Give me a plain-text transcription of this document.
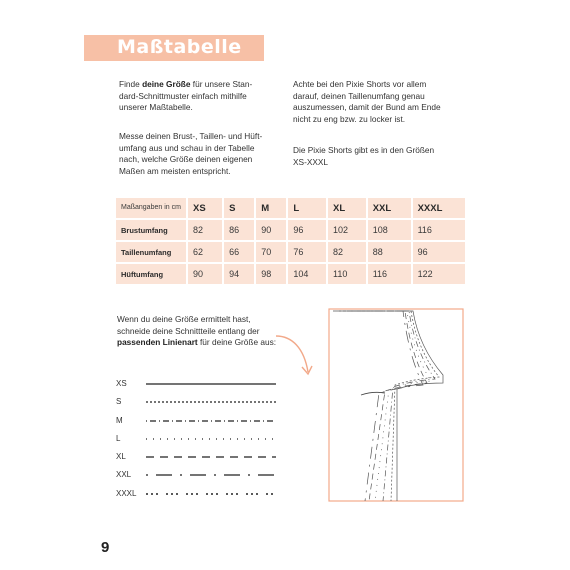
Maßtabelle
Finde deine Größe für unsere Stan-dard-Schnittmuster einfach mithilfe unserer Maßtabelle.
Messe deinen Brust-, Taillen- und Hüft-umfang aus und schau in der Tabelle nach, welche Größe deinen eigenen Maßen am meisten entspricht.
Achte bei den Pixie Shorts vor allem darauf, deinen Taillenumfang genau auszumessen, damit der Bund am Ende nicht zu eng bzw. zu locker ist.
Die Pixie Shorts gibt es in den Größen XS-XXXL
Maßangaben in cm	XS	S	M	L	XL	XXL	XXXL
Brustumfang	82	86	90	96	102	108	116
Taillenumfang	62	66	70	76	82	88	96
Hüftumfang	90	94	98	104	110	116	122
Wenn du deine Größe ermittelt hast, schneide deine Schnittteile entlang der passenden Linienart für deine Größe aus:
XS
S
M
L
XL
XXL
XXXL
9
